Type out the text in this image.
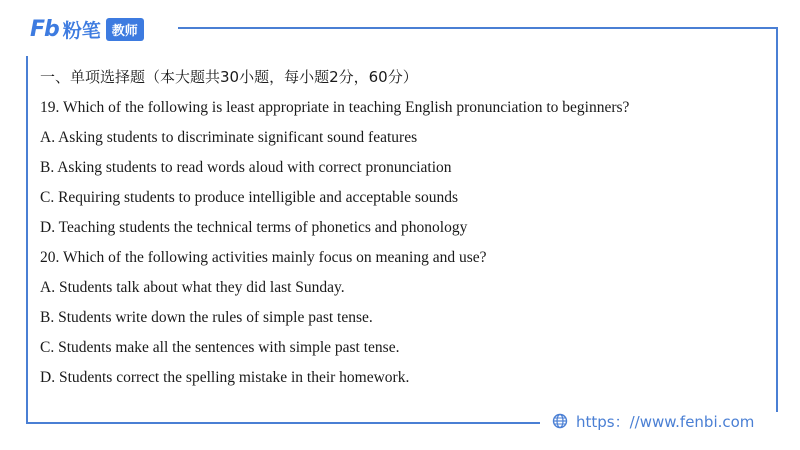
Fb 粉笔 教师
一、单项选择题（本大题共30小题，每小题2分，60分）
19. Which of the following is least appropriate in teaching English pronunciation to beginners?
A. Asking students to discriminate significant sound features
B. Asking students to read words aloud with correct pronunciation
C. Requiring students to produce intelligible and acceptable sounds
D. Teaching students the technical terms of phonetics and phonology
20. Which of the following activities mainly focus on meaning and use?
A. Students talk about what they did last Sunday.
B. Students write down the rules of simple past tense.
C. Students make all the sentences with simple past tense.
D. Students correct the spelling mistake in their homework.
https：//www.fenbi.com
